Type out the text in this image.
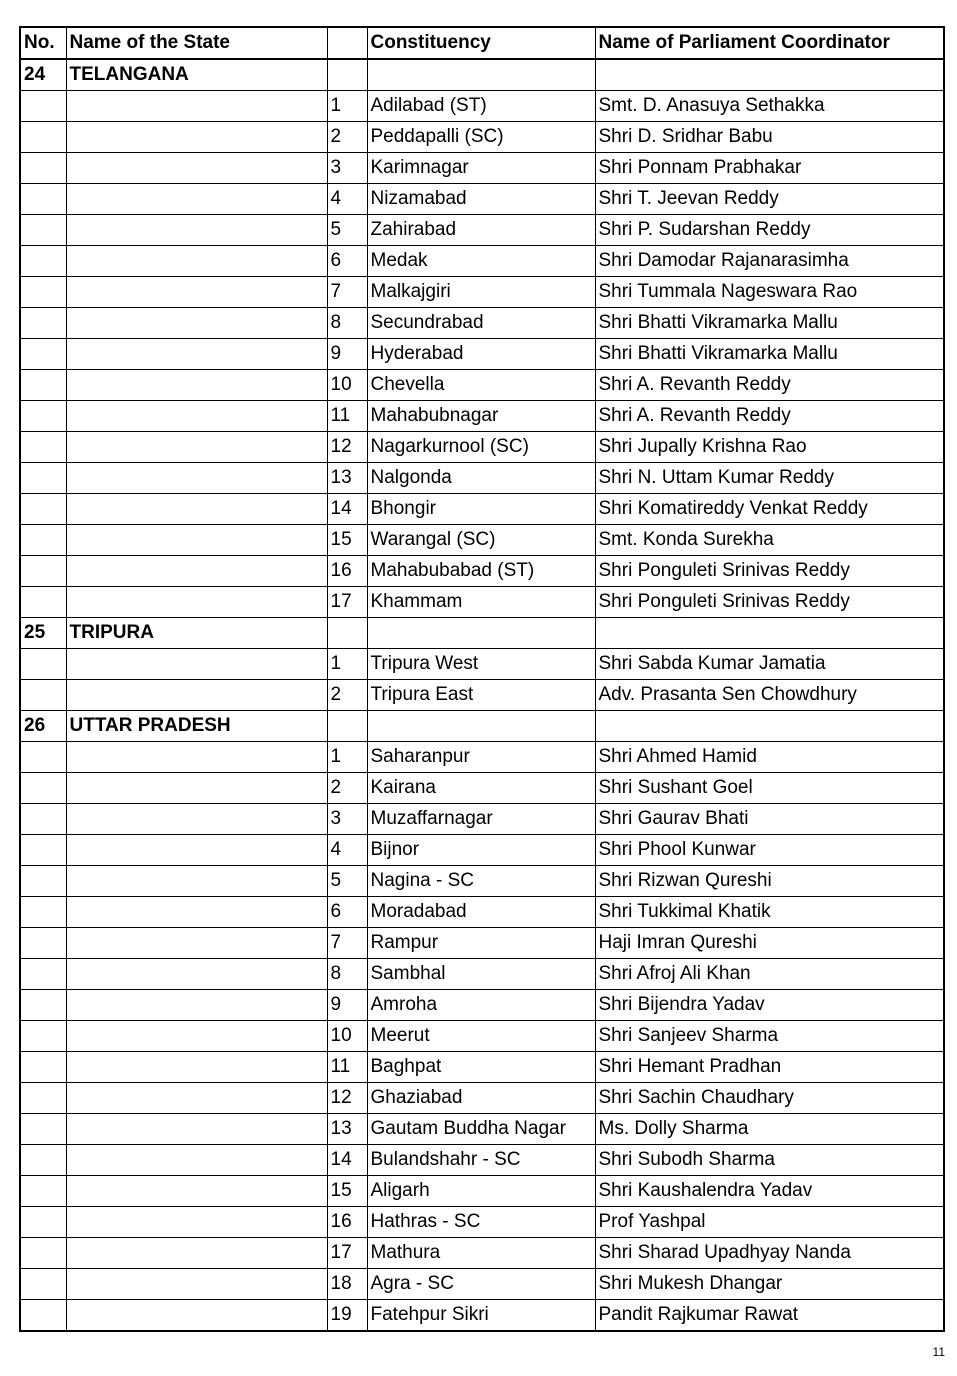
No.	Name of the State		Constituency	Name of Parliament Coordinator
24	TELANGANA			
		1	Adilabad (ST)	Smt. D. Anasuya Sethakka
		2	Peddapalli (SC)	Shri D. Sridhar Babu
		3	Karimnagar	Shri Ponnam Prabhakar
		4	Nizamabad	Shri T. Jeevan Reddy
		5	Zahirabad	Shri P. Sudarshan Reddy
		6	Medak	Shri Damodar Rajanarasimha
		7	Malkajgiri	Shri Tummala Nageswara Rao
		8	Secundrabad	Shri Bhatti Vikramarka Mallu
		9	Hyderabad	Shri Bhatti Vikramarka Mallu
		10	Chevella	Shri A. Revanth Reddy
		11	Mahabubnagar	Shri A. Revanth Reddy
		12	Nagarkurnool (SC)	Shri Jupally Krishna Rao
		13	Nalgonda	Shri N. Uttam Kumar Reddy
		14	Bhongir	Shri Komatireddy Venkat Reddy
		15	Warangal (SC)	Smt. Konda Surekha
		16	Mahabubabad (ST)	Shri Ponguleti Srinivas Reddy
		17	Khammam	Shri Ponguleti Srinivas Reddy
25	TRIPURA			
		1	Tripura West	Shri Sabda Kumar Jamatia
		2	Tripura East	Adv. Prasanta Sen Chowdhury
26	UTTAR PRADESH			
		1	Saharanpur	Shri Ahmed Hamid
		2	Kairana	Shri Sushant Goel
		3	Muzaffarnagar	Shri Gaurav Bhati
		4	Bijnor	Shri Phool Kunwar
		5	Nagina - SC	Shri Rizwan Qureshi
		6	Moradabad	Shri Tukkimal Khatik
		7	Rampur	Haji Imran Qureshi
		8	Sambhal	Shri Afroj Ali Khan
		9	Amroha	Shri Bijendra Yadav
		10	Meerut	Shri Sanjeev Sharma
		11	Baghpat	Shri Hemant Pradhan
		12	Ghaziabad	Shri Sachin Chaudhary
		13	Gautam Buddha Nagar	Ms. Dolly Sharma
		14	Bulandshahr - SC	Shri Subodh Sharma
		15	Aligarh	Shri Kaushalendra Yadav
		16	Hathras - SC	Prof Yashpal
		17	Mathura	Shri Sharad Upadhyay Nanda
		18	Agra - SC	Shri Mukesh Dhangar
		19	Fatehpur Sikri	Pandit Rajkumar Rawat
11
